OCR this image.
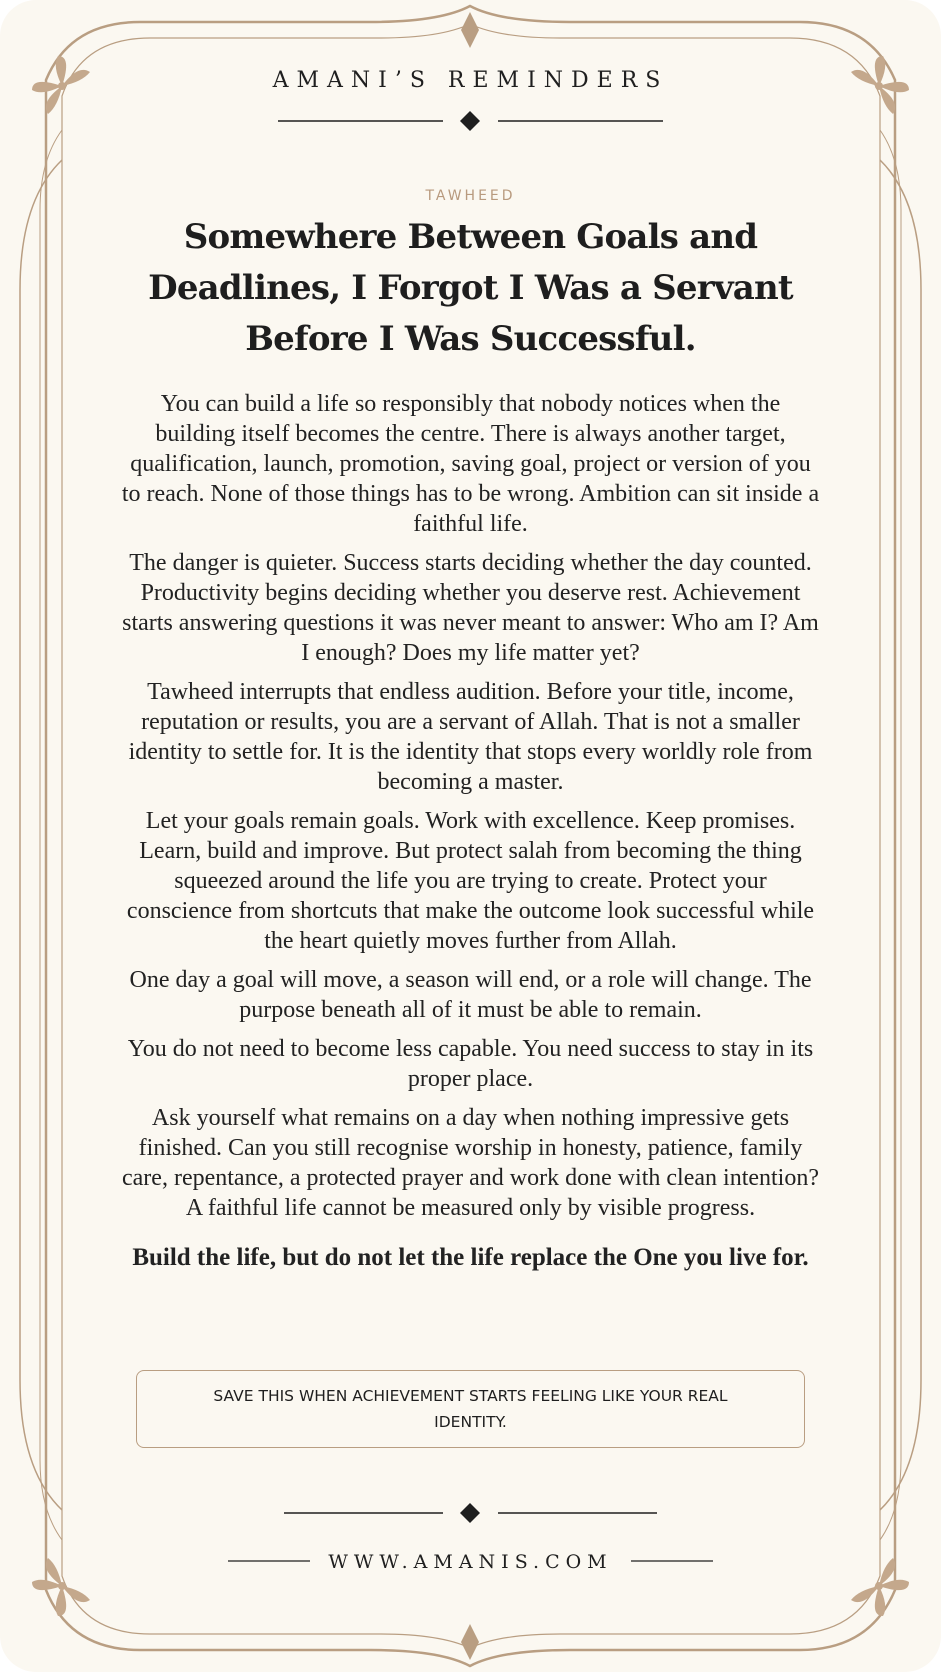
AMANI’S REMINDERS
TAWHEED
Somewhere Between Goals and Deadlines, I Forgot I Was a Servant Before I Was Successful.

You can build a life so responsibly that nobody notices when the building itself becomes the centre. There is always another target, qualification, launch, promotion, saving goal, project or version of you to reach. None of those things has to be wrong. Ambition can sit inside a faithful life.

The danger is quieter. Success starts deciding whether the day counted. Productivity begins deciding whether you deserve rest. Achievement starts answering questions it was never meant to answer: Who am I? Am I enough? Does my life matter yet?

Tawheed interrupts that endless audition. Before your title, income, reputation or results, you are a servant of Allah. That is not a smaller identity to settle for. It is the identity that stops every worldly role from becoming a master.

Let your goals remain goals. Work with excellence. Keep promises. Learn, build and improve. But protect salah from becoming the thing squeezed around the life you are trying to create. Protect your conscience from shortcuts that make the outcome look successful while the heart quietly moves further from Allah.

One day a goal will move, a season will end, or a role will change. The purpose beneath all of it must be able to remain.

You do not need to become less capable. You need success to stay in its proper place.

Ask yourself what remains on a day when nothing impressive gets finished. Can you still recognise worship in honesty, patience, family care, repentance, a protected prayer and work done with clean intention? A faithful life cannot be measured only by visible progress.

Build the life, but do not let the life replace the One you live for.

SAVE THIS WHEN ACHIEVEMENT STARTS FEELING LIKE YOUR REAL IDENTITY.
WWW.AMANIS.COM
